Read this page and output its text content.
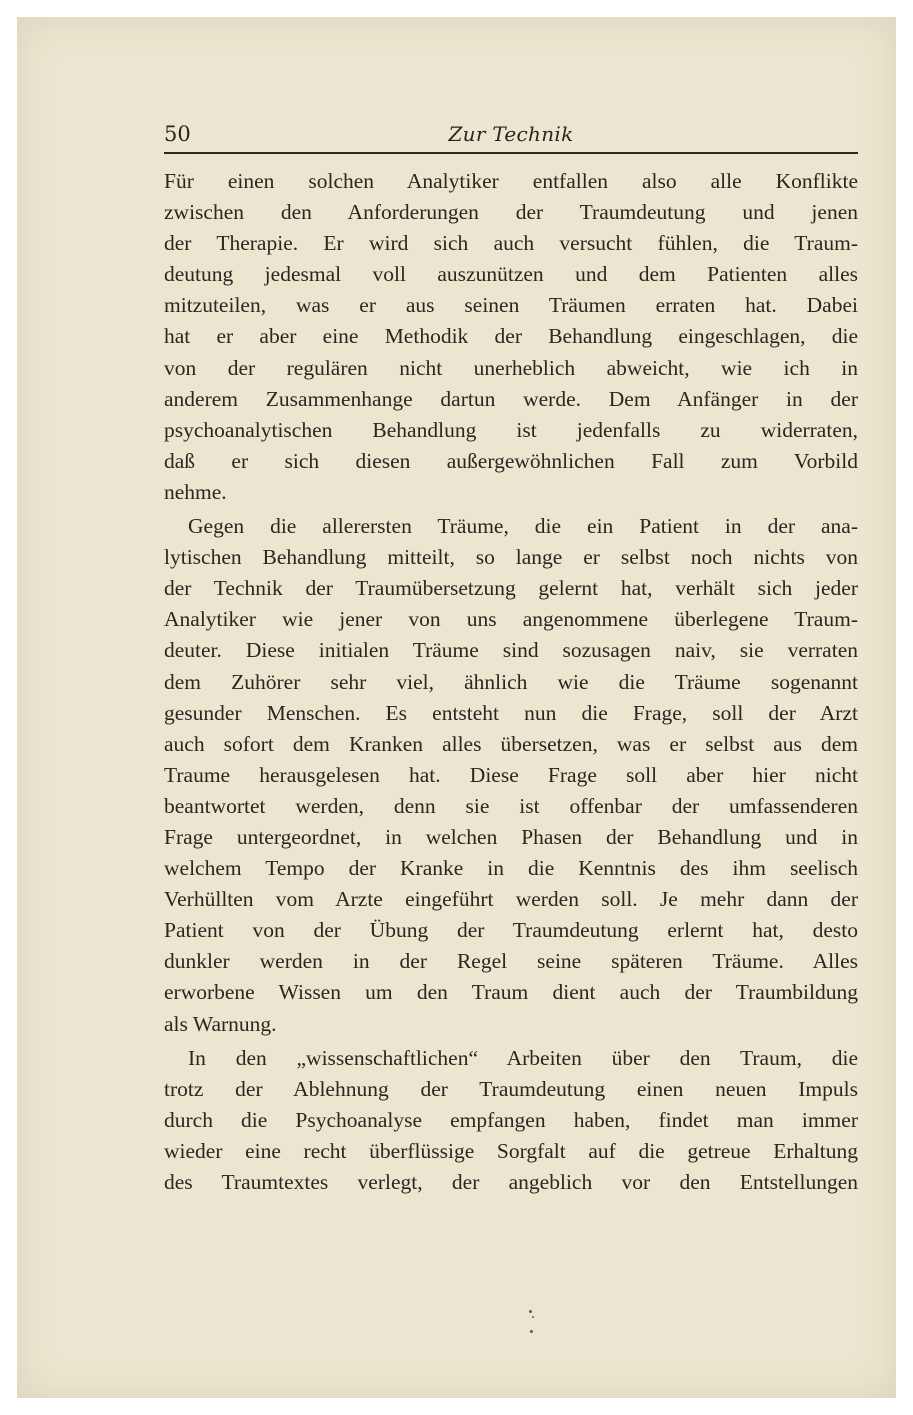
50	Zur Technik
Für einen solchen Analytiker entfallen also alle Konflikte
zwischen den Anforderungen der Traumdeutung und jenen
der Therapie. Er wird sich auch versucht fühlen, die Traum-
deutung jedesmal voll auszunützen und dem Patienten alles
mitzuteilen, was er aus seinen Träumen erraten hat. Dabei
hat er aber eine Methodik der Behandlung eingeschlagen, die
von der regulären nicht unerheblich abweicht, wie ich in
anderem Zusammenhange dartun werde. Dem Anfänger in der
psychoanalytischen Behandlung ist jedenfalls zu widerraten,
daß er sich diesen außergewöhnlichen Fall zum Vorbild
nehme.
Gegen die allerersten Träume, die ein Patient in der ana-
lytischen Behandlung mitteilt, so lange er selbst noch nichts von
der Technik der Traumübersetzung gelernt hat, verhält sich jeder
Analytiker wie jener von uns angenommene überlegene Traum-
deuter. Diese initialen Träume sind sozusagen naiv, sie verraten
dem Zuhörer sehr viel, ähnlich wie die Träume sogenannt
gesunder Menschen. Es entsteht nun die Frage, soll der Arzt
auch sofort dem Kranken alles übersetzen, was er selbst aus dem
Traume herausgelesen hat. Diese Frage soll aber hier nicht
beantwortet werden, denn sie ist offenbar der umfassenderen
Frage untergeordnet, in welchen Phasen der Behandlung und in
welchem Tempo der Kranke in die Kenntnis des ihm seelisch
Verhüllten vom Arzte eingeführt werden soll. Je mehr dann der
Patient von der Übung der Traumdeutung erlernt hat, desto
dunkler werden in der Regel seine späteren Träume. Alles
erworbene Wissen um den Traum dient auch der Traumbildung
als Warnung.
In den „wissenschaftlichen“ Arbeiten über den Traum, die
trotz der Ablehnung der Traumdeutung einen neuen Impuls
durch die Psychoanalyse empfangen haben, findet man immer
wieder eine recht überflüssige Sorgfalt auf die getreue Erhaltung
des Traumtextes verlegt, der angeblich vor den Entstellungen
